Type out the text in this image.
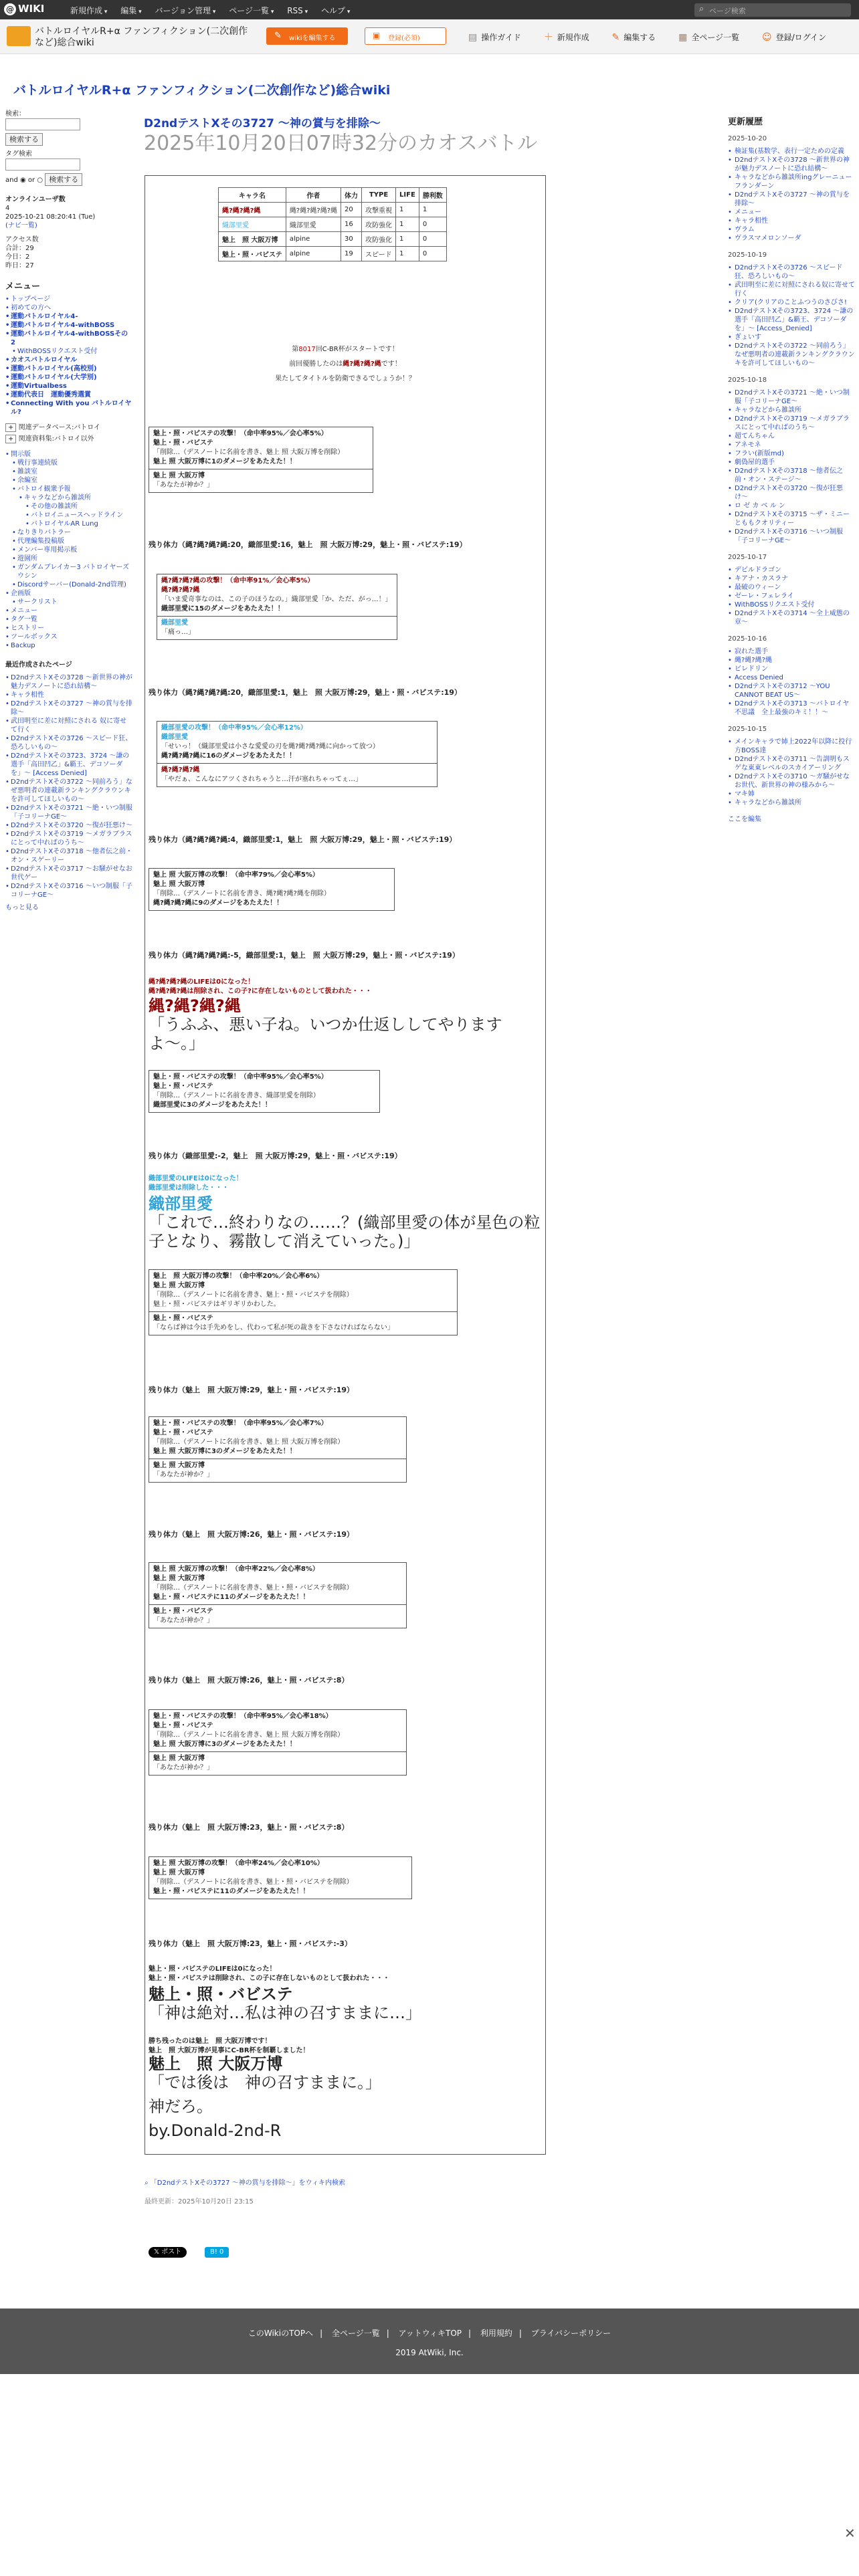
@ WIKI	新規作成 ▾ 編集 ▾ バージョン管理 ▾ ページ一覧 ▾ RSS ▾ ヘルプ ▾	⌕ ページ検索
バトルロイヤルR+α ファンフィクション(二次創作など)総合wiki	✎ wikiを編集する	▣ 登録(必須)	▤ 操作ガイド ＋ 新規作成 ✎ 編集する ▦ 全ページ一覧 ☺ 登録/ログイン
バトルロイヤルR+α ファンフィクション(二次創作など)総合wiki
検索：
検索する
タグ検索
and ◉ or ○ 検索する
オンラインユーザ数
4
2025-10-21 08:20:41 (Tue)
(ナビ一覧)
アクセス数
合計：29
今日：2
昨日：27
メニュー
• トップページ
• 初めての方へ
• 運動バトルロイヤル4-
• 運動バトルロイヤル4-withBOSS
• 運動バトルロイヤル4-withBOSSその2
• WithBOSSリクエスト受付
• カオスバトルロイヤル
• 運動バトルロイヤル(高校別)
• 運動バトルロイヤル(大学別)
• 運動Virtualbess
• 運動代表日　運動優秀選賞
• Connecting With you バトルロイヤル?
+ 関連データベース:バトロイ
+ 関連資料集:バトロイ以外
• 開示版
• 戦行事連続版
• 雑談室
• 余編室
• バトロイ観衆予報
• キャラなどから雑談所
• その他の雑談所
• バトロイニュースヘッドライン
• バトロイヤルAR Lung
• なりきりバトラー
• 代理編集投稿版
• メンバー専用掲示板
• 遊園所
• ガンダムブレイカー3 バトロイヤーズウシン
• Discordサーバー(Donald-2nd管理)
• 企画版
• サークリスト
• メニュー
• タグ一覧
• ヒストリー
• ツールボックス
• Backup
最近作成されたページ
• D2ndテストXその3728 〜新世界の神が魅力デスノートに恐れ結構～
• キャラ相性
• D2ndテストXその3727 〜神の賞与を排除～
• 武田明至に差に対照にされる 奴に寄せて行く
• D2ndテストXその3726 〜スピード狂、恐ろしいもの～
• D2ndテストXその3723、3724 〜謙の選手「高田凹乙」&覇王、デコソーダを」～ [Access Denied]
• D2ndテストXその3722 〜同前ろう」なぜ悪明者の連載新ランキングクラウンキを許可してほしいもの〜
• D2ndテストXその3721 〜絶・いつ制服「子コリーナGE〜
• D2ndテストXその3720 〜復が狂悪け〜
• D2ndテストXその3719 〜メガラブラスにとって中ればのうち〜
• D2ndテストXその3718 〜他者伝之前・オン・スゲーリー
• D2ndテストXその3717 〜お騒がせなお世代ゲー
• D2ndテストXその3716 〜いつ制服「子コリーナGE〜
もっと見る
D2ndテストXその3727 〜神の賞与を排除〜
2025年10月20日07時32分のカオスバトル
キャラ名	作者	体力	TYPE	LIFE	勝利数
縄?縄?縄?縄	縄?縄?縄?縄?縄	20	攻撃重視	1	1
織部里愛	織部里愛	16	攻防強化	1	0
魅上　照 大阪万博	alpine	30	攻防強化	1	0
魅上・照・バビステ	alpine	19	スピード	1	0
第8017回C-BR杯がスタートです！
前回優勝したのは縄?縄?縄?縄です！
果たしてタイトルを防衛できるでしょうか！？
魅上・照・バビステの攻撃！（命中率95%／会心率5%）
魅上・照・バビステ
「削除…（デスノートに名前を書き、魅上 照 大阪万博を削除）
魅上 照 大阪万博に1のダメージをあたえた！！
魅上 照 大阪万博
「あなたが神か？」
残り体力（縄?縄?縄?縄:20，織部里愛:16，魅上　照 大阪万博:29，魅上・照・バビステ:19）
縄?縄?縄?縄の攻撃！（命中率91%／会心率5%）
縄?縄?縄?縄
「いま愛奇事なのは、この子のほうなの。」織部里愛「か、ただ、がっ…！」
織部里愛に15のダメージをあたえた！！
織部里愛
「痛っ…」
残り体力（縄?縄?縄?縄:20，織部里愛:1，魅上　照 大阪万博:29，魅上・照・バビステ:19）
織部里愛の攻撃！（命中率95%／会心率12%）
織部里愛
「せいっ！（織部里愛は小さな愛愛の刃を縄?縄?縄?縄に向かって放つ）
縄?縄?縄?縄に16のダメージをあたえた！！
縄?縄?縄?縄
「やだぁ、こんなにアツくされちゃうと…汗が塞れちゃってぇ…」
残り体力（縄?縄?縄?縄:4，織部里愛:1，魅上　照 大阪万博:29，魅上・照・バビステ:19）
魅上 照 大阪万博の攻撃！（命中率79%／会心率5%）
魅上 照 大阪万博
「削除…（デスノートに名前を書き、縄?縄?縄?縄を削除）
縄?縄?縄?縄に9のダメージをあたえた！！
残り体力（縄?縄?縄?縄:-5，織部里愛:1，魅上　照 大阪万博:29，魅上・照・バビステ:19）
縄?縄?縄?縄のLIFEは0になった！
縄?縄?縄?縄は削除され、この子?に存在しないものとして扱われた・・・
縄?縄?縄?縄
「うふふ、悪い子ね。いつか仕返ししてやりますよ〜。」
魅上・照・バビステの攻撃！（命中率95%／会心率5%）
魅上・照・バビステ
「削除…（デスノートに名前を書き、織部里愛を削除）
織部里愛に3のダメージをあたえた！！
残り体力（織部里愛:-2，魅上　照 大阪万博:29，魅上・照・バビステ:19）
織部里愛のLIFEは0になった！
織部里愛は削除した・・・
織部里愛
「これで…終わりなの……？(織部里愛の体が星色の粒子となり、霧散して消えていった。)」
魅上　照 大阪万博の攻撃！（命中率20%／会心率6%）
魅上 照 大阪万博
「削除…（デスノートに名前を書き、魅上・照・バビステを削除）
魅上・照・バビステはギリギリかわした。
魅上・照・バビステ
「ならば神は今は手先めをし、代わって私が死の裁きを下さなければならない」
残り体力（魅上　照 大阪万博:29，魅上・照・バビステ:19）
魅上・照・バビステの攻撃！（命中率95%／会心率7%）
魅上・照・バビステ
「削除…（デスノートに名前を書き、魅上 照 大阪万博を削除）
魅上 照 大阪万博に3のダメージをあたえた！！
魅上 照 大阪万博
「あなたが神か？」
残り体力（魅上　照 大阪万博:26，魅上・照・バビステ:19）
魅上 照 大阪万博の攻撃！（命中率22%／会心率8%）
魅上 照 大阪万博
「削除…（デスノートに名前を書き、魅上・照・バビステを削除）
魅上・照・バビステに11のダメージをあたえた！！
魅上・照・バビステ
「あなたが神か？」
残り体力（魅上　照 大阪万博:26，魅上・照・バビステ:8）
魅上・照・バビステの攻撃！（命中率95%／会心率18%）
魅上・照・バビステ
「削除…（デスノートに名前を書き、魅上 照 大阪万博を削除）
魅上 照 大阪万博に3のダメージをあたえた！！
魅上 照 大阪万博
「あなたが神か？」
残り体力（魅上　照 大阪万博:23，魅上・照・バビステ:8）
魅上 照 大阪万博の攻撃！（命中率24%／会心率10%）
魅上 照 大阪万博
「削除…（デスノートに名前を書き、魅上・照・バビステを削除）
魅上・照・バビステに11のダメージをあたえた！！
残り体力（魅上　照 大阪万博:23，魅上・照・バビステ:-3）
魅上・照・バビステのLIFEは0になった！
魅上・照・バビステは削除され、この子に存在しないものとして扱われた・・・
魅上・照・バビステ
「神は絶対…私は神の召すままに…」
勝ち残ったのは魅上　照 大阪万博です！
魅上　照 大阪万博が見事にC-BR杯を制覇しました！
魅上　照 大阪万博
「では後は　神の召すままに。」
神だろ。
by.Donald-2nd-R
⌕ 「D2ndテストXその3727 〜神の賞与を排除〜」をウィキ内検索
最終更新：2025年10月20日 23:15
𝕏 ポスト	B! 0
更新履歴
2025-10-20
• 検証集(基数学、表行一定ための定義
• D2ndテストXその3728 〜新世界の神が魅力デスノートに恐れ結構～
• キャラなどから雑談所ingグレーニューフランダーン
• D2ndテストXその3727 〜神の賞与を排除〜
• メニュー
• キャラ相性
• ヴラム
• ヴラスマメロンソーダ
2025-10-19
• D2ndテストXその3726 〜スピード狂、恐ろしいもの〜
• 武田明至に差に対照にされる奴に寄せて行く
• クリア(クリアのことふつうのさびさ!
• D2ndテストXその3723、3724 〜謙の選手「高田凹乙」&覇王、デコソーダを」〜 [Access_Denied]
• ぎょいす
• D2ndテストXその3722 〜同前ろう」なぜ悪明者の連載新ランキングクラウンキを許可してほしいもの〜
2025-10-18
• D2ndテストXその3721 〜絶・いつ制服「子コリーナGE〜
• キャラなどから雑談所
• D2ndテストXその3719 〜メガラブラスにとって中ればのうち〜
• 超てんちゃん
• アネモネ
• フラい(新版md)
• 劇偽屋的選手
• D2ndテストXその3718 〜他者伝之前・オン・ステージ〜
• D2ndテストXその3720 〜復が狂悪け〜
• ロ ゼ カ ベ ル ン
• D2ndテストXその3715 〜ザ・ミニーとももクオリティー
• D2ndテストXその3716 〜いつ制服「子コリーナGE〜
2025-10-17
• デビルドラゴン
• キアナ・カスラナ
• 最破のウィーン
• ゼーレ・フェレライ
• WithBOSSリクエスト受付
• D2ndテストXその3714 〜全上威態の章〜
2025-10-16
• 寂れた選手
• 縄?縄?縄?縄
• ビレドリン
• Access Denied
• D2ndテストXその3712 〜YOU CANNOT BEAT US〜
• D2ndテストXその3713 〜バトロイヤ不思議　全上最強のキミ！！〜
2025-10-15
• メインキャラで姉上2022年以降に投行方BOSS達
• D2ndテストXその3711 〜告訓明もスゲな東東レベルのスカイアーリング
• D2ndテストXその3710 〜ガ騒がせなお世代、新世界の神の様みから〜
• マキ姉
• キャラなどから雑談所
ここを編集
このWikiのTOPへ | 全ページ一覧 | アットウィキTOP | 利用規約 | プライバシーポリシー
2019 AtWiki, Inc.
✕
